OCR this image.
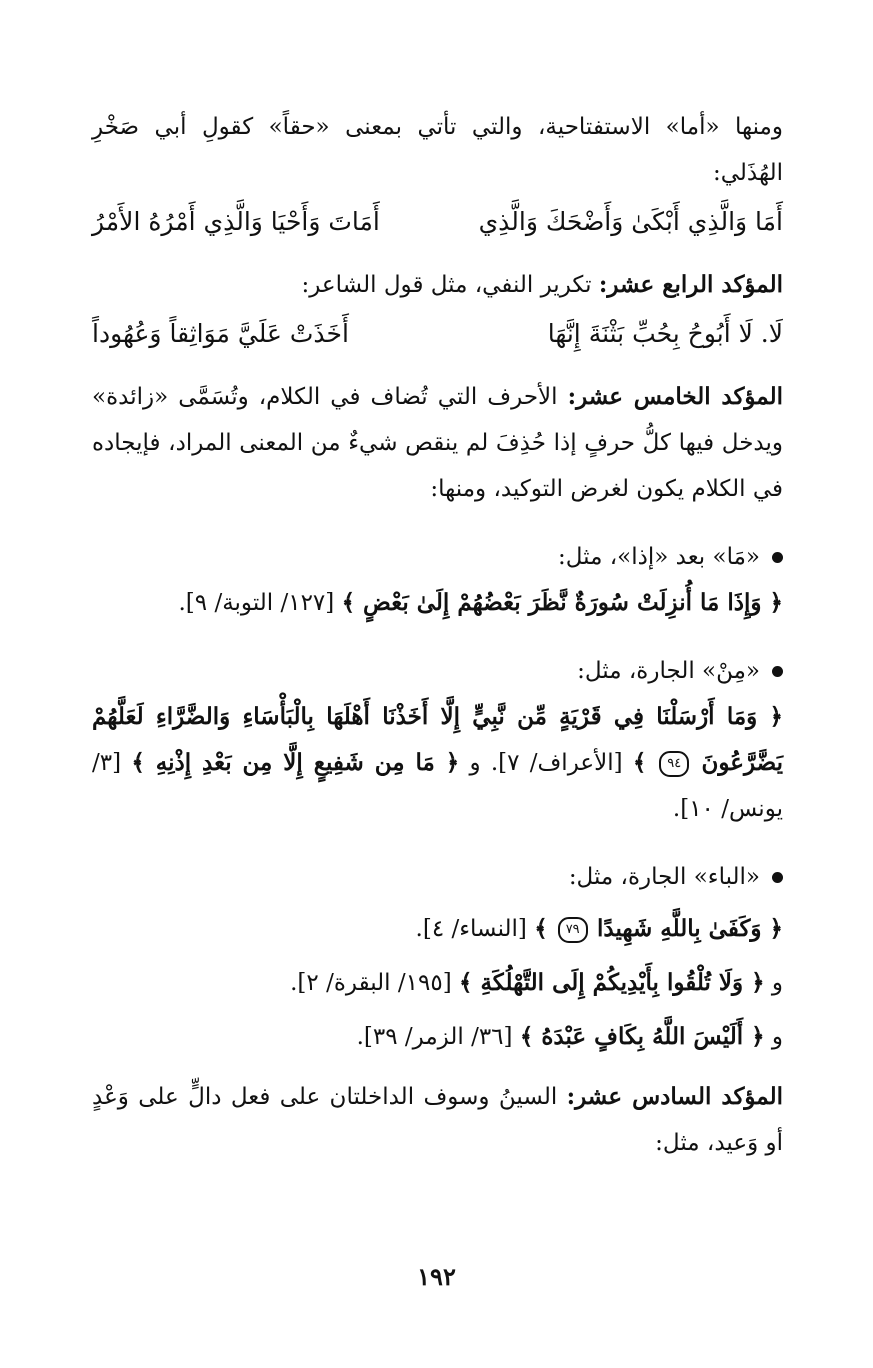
ومنها «أما» الاستفتاحية، والتي تأتي بمعنى «حقاً» كقولِ أبي صَخْرِ الهُذَلي:

أَمَا وَالَّذِي أَبْكَىٰ وَأَضْحَكَ وَالَّذِي
أَمَاتَ وَأَحْيَا وَالَّذِي أَمْرُهُ الأَمْرُ

المؤكد الرابع عشر: تكرير النفي، مثل قول الشاعر:

لَا. لَا أَبُوحُ بِحُبِّ بَثْنَةَ إِنَّهَا
أَخَذَتْ عَلَيَّ مَوَاثِقاً وَعُهُوداً

المؤكد الخامس عشر: الأحرف التي تُضاف في الكلام، وتُسَمَّى «زائدة» ويدخل فيها كلُّ حرفٍ إذا حُذِفَ لم ينقص شيءٌ من المعنى المراد، فإيجاده في الكلام يكون لغرض التوكيد، ومنها:

«مَا» بعد «إذا»، مثل:

﴿ وَإِذَا مَا أُنزِلَتْ سُورَةٌ نَّظَرَ بَعْضُهُمْ إِلَىٰ بَعْضٍ ﴾ [١٢٧/ التوبة/ ٩].

«مِنْ» الجارة، مثل:

﴿ وَمَا أَرْسَلْنَا فِي قَرْيَةٍ مِّن نَّبِيٍّ إِلَّا أَخَذْنَا أَهْلَهَا بِالْبَأْسَاءِ وَالضَّرَّاءِ لَعَلَّهُمْ يَضَّرَّعُونَ ٩٤ ﴾ [الأعراف/ ٧]. و ﴿ مَا مِن شَفِيعٍ إِلَّا مِن بَعْدِ إِذْنِهِ ﴾ [٣/ يونس/ ١٠].

«الباء» الجارة، مثل:

﴿ وَكَفَىٰ بِاللَّهِ شَهِيدًا ٧٩ ﴾ [النساء/ ٤].

و ﴿ وَلَا تُلْقُوا بِأَيْدِيكُمْ إِلَى التَّهْلُكَةِ ﴾ [١٩٥/ البقرة/ ٢].

و ﴿ أَلَيْسَ اللَّهُ بِكَافٍ عَبْدَهُ ﴾ [٣٦/ الزمر/ ٣٩].

المؤكد السادس عشر: السينُ وسوف الداخلتان على فعل دالٍّ على وَعْدٍ أو وَعيد، مثل:

١٩٢
